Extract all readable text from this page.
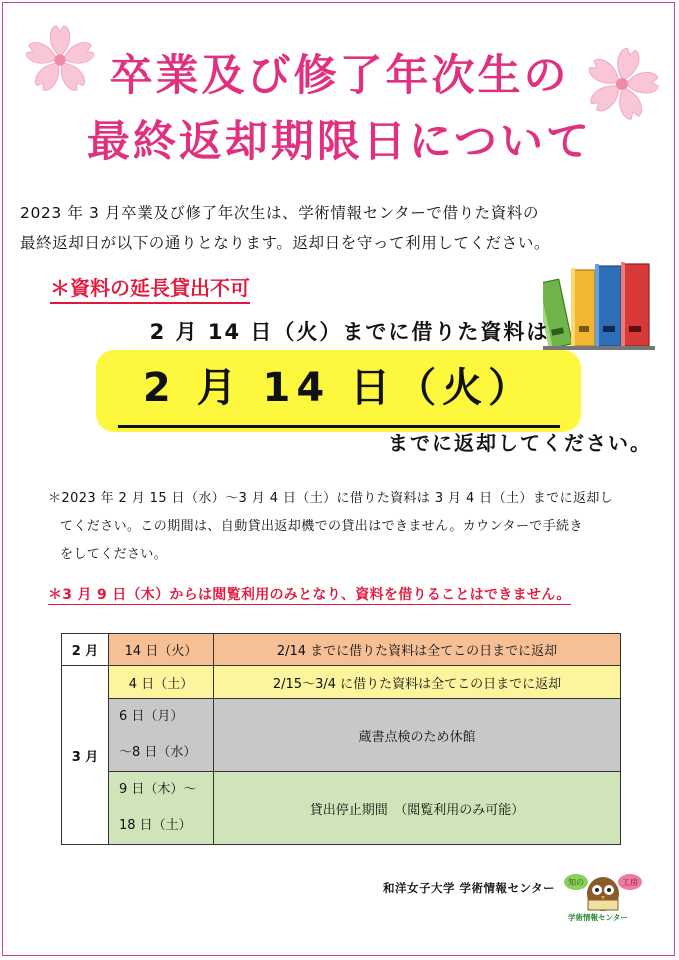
卒業及び修了年次生の
最終返却期限日について
2023 年 3 月卒業及び修了年次生は、学術情報センターで借りた資料の
最終返却日が以下の通りとなります。返却日を守って利用してください。
＊資料の延長貸出不可
2 月 14 日（火）までに借りた資料は
2 月 14 日（火）
までに返却してください。
＊2023 年 2 月 15 日（水）～3 月 4 日（土）に借りた資料は 3 月 4 日（土）までに返却し
てください。この期間は、自動貸出返却機での貸出はできません。カウンターで手続き
をしてください。
＊3 月 9 日（木）からは閲覧利用のみとなり、資料を借りることはできません。
2 月	14 日（火）	2/14 までに借りた資料は全てこの日までに返却
3 月	4 日（土）	2/15～3/4 に借りた資料は全てこの日までに返却

	6 日（月）
～8 日（水）	蔵書点検のため休館

	9 日（木）～
18 日（土）	貸出停止期間　（閲覧利用のみ可能）
和洋女子大学 学術情報センター 知の	工房
学術情報センター
